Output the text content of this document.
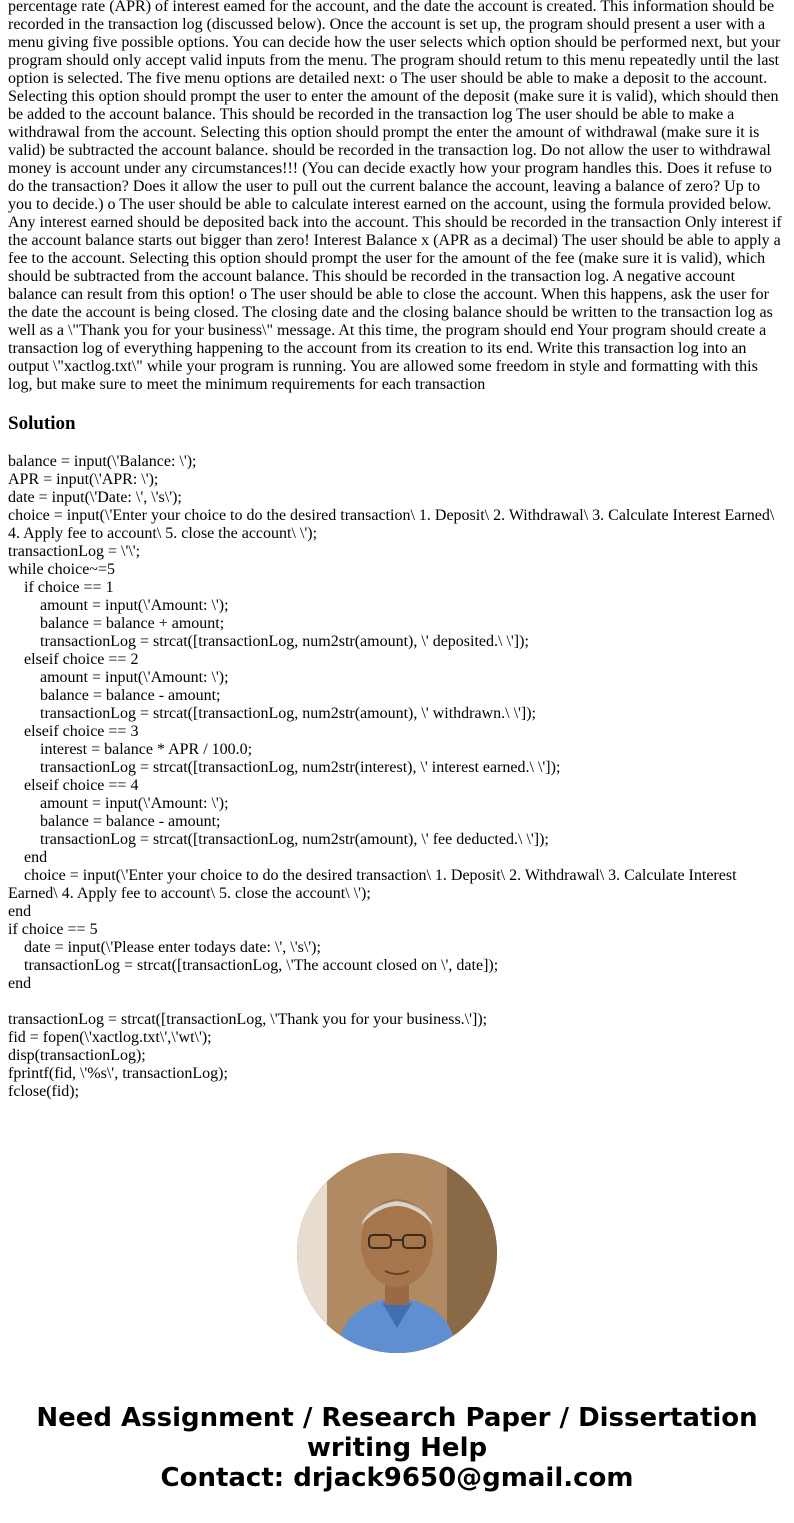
percentage rate (APR) of interest eamed for the account, and the date the account is created. This information should be recorded in the transaction log (discussed below). Once the account is set up, the program should present a user with a menu giving five possible options. You can decide how the user selects which option should be performed next, but your program should only accept valid inputs from the menu. The program should retum to this menu repeatedly until the last option is selected. The five menu options are detailed next: o The user should be able to make a deposit to the account. Selecting this option should prompt the user to enter the amount of the deposit (make sure it is valid), which should then be added to the account balance. This should be recorded in the transaction log The user should be able to make a withdrawal from the account. Selecting this option should prompt the enter the amount of withdrawal (make sure it is valid) be subtracted the account balance. should be recorded in the transaction log. Do not allow the user to withdrawal money is account under any circumstances!!! (You can decide exactly how your program handles this. Does it refuse to do the transaction? Does it allow the user to pull out the current balance the account, leaving a balance of zero? Up to you to decide.) o The user should be able to calculate interest earned on the account, using the formula provided below. Any interest earned should be deposited back into the account. This should be recorded in the transaction Only interest if the account balance starts out bigger than zero! Interest Balance x (APR as a decimal) The user should be able to apply a fee to the account. Selecting this option should prompt the user for the amount of the fee (make sure it is valid), which should be subtracted from the account balance. This should be recorded in the transaction log. A negative account balance can result from this option! o The user should be able to close the account. When this happens, ask the user for the date the account is being closed. The closing date and the closing balance should be written to the transaction log as well as a \"Thank you for your business\" message. At this time, the program should end Your program should create a transaction log of everything happening to the account from its creation to its end. Write this transaction log into an output \"xactlog.txt\" while your program is running. You are allowed some freedom in style and formatting with this log, but make sure to meet the minimum requirements for each transaction

Solution
balance = input(\'Balance: \');
APR = input(\'APR: \');
date = input(\'Date: \', \'s\');
choice = input(\'Enter your choice to do the desired transaction\ 1. Deposit\ 2. Withdrawal\ 3. Calculate Interest Earned\ 4. Apply fee to account\ 5. close the account\ \');
transactionLog = \'\';
while choice~=5
if choice == 1
amount = input(\'Amount: \');
balance = balance + amount;
transactionLog = strcat([transactionLog, num2str(amount), \' deposited.\ \']);
elseif choice == 2
amount = input(\'Amount: \');
balance = balance - amount;
transactionLog = strcat([transactionLog, num2str(amount), \' withdrawn.\ \']);
elseif choice == 3
interest = balance * APR / 100.0;
transactionLog = strcat([transactionLog, num2str(interest), \' interest earned.\ \']);
elseif choice == 4
amount = input(\'Amount: \');
balance = balance - amount;
transactionLog = strcat([transactionLog, num2str(amount), \' fee deducted.\ \']);
end
choice = input(\'Enter your choice to do the desired transaction\ 1. Deposit\ 2. Withdrawal\ 3. Calculate Interest Earned\ 4. Apply fee to account\ 5. close the account\ \');
end
if choice == 5
date = input(\'Please enter todays date: \', \'s\');
transactionLog = strcat([transactionLog, \'The account closed on \', date]);
end
transactionLog = strcat([transactionLog, \'Thank you for your business.\']);
fid = fopen(\'xactlog.txt\',\'wt\');
disp(transactionLog);
fprintf(fid, \'%s\', transactionLog);
fclose(fid);
Need Assignment / Research Paper / Dissertation writing Help
Contact: drjack9650@gmail.com
